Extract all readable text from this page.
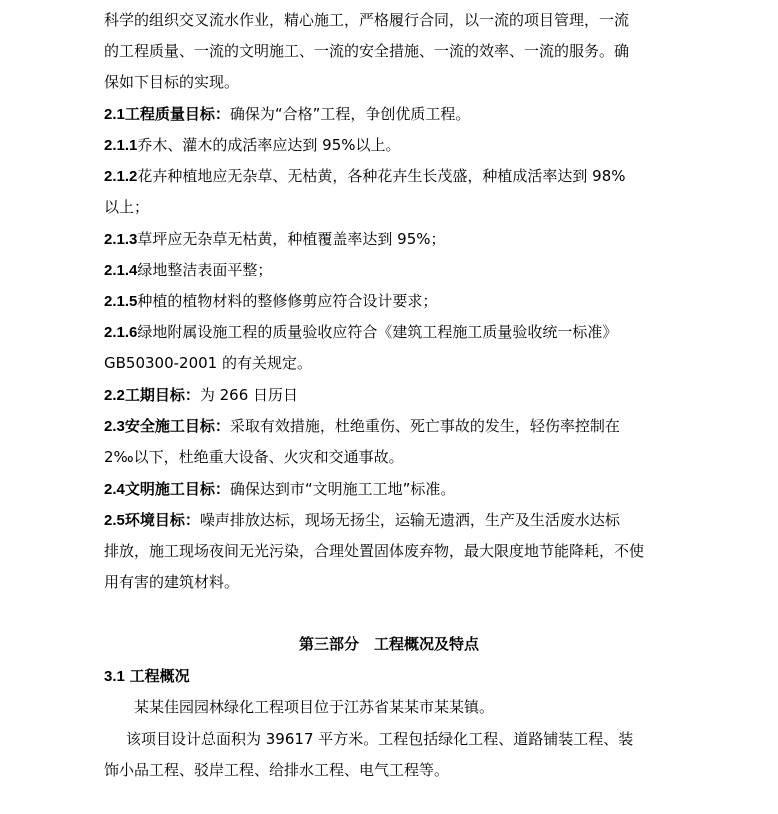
科学的组织交叉流水作业，精心施工，严格履行合同，以一流的项目管理，一流
的工程质量、一流的文明施工、一流的安全措施、一流的效率、一流的服务。确
保如下目标的实现。
2.1工程质量目标：确保为“合格”工程，争创优质工程。
2.1.1乔木、灌木的成活率应达到 95%以上。
2.1.2花卉种植地应无杂草、无枯黄，各种花卉生长茂盛，种植成活率达到 98%
以上；
2.1.3草坪应无杂草无枯黄，种植覆盖率达到 95%；
2.1.4绿地整洁表面平整；
2.1.5种植的植物材料的整修修剪应符合设计要求；
2.1.6绿地附属设施工程的质量验收应符合《建筑工程施工质量验收统一标准》
GB50300-2001 的有关规定。
2.2工期目标：为 266 日历日
2.3安全施工目标：采取有效措施，杜绝重伤、死亡事故的发生，轻伤率控制在
2‰以下，杜绝重大设备、火灾和交通事故。
2.4文明施工目标：确保达到市“文明施工工地”标准。
2.5环境目标：噪声排放达标，现场无扬尘，运输无遗洒，生产及生活废水达标
排放，施工现场夜间无光污染，合理处置固体废弃物，最大限度地节能降耗，不使
用有害的建筑材料。
第三部分　工程概况及特点
3.1 工程概况
某某佳园园林绿化工程项目位于江苏省某某市某某镇。
该项目设计总面积为 39617 平方米。工程包括绿化工程、道路铺装工程、装
饰小品工程、驳岸工程、给排水工程、电气工程等。
